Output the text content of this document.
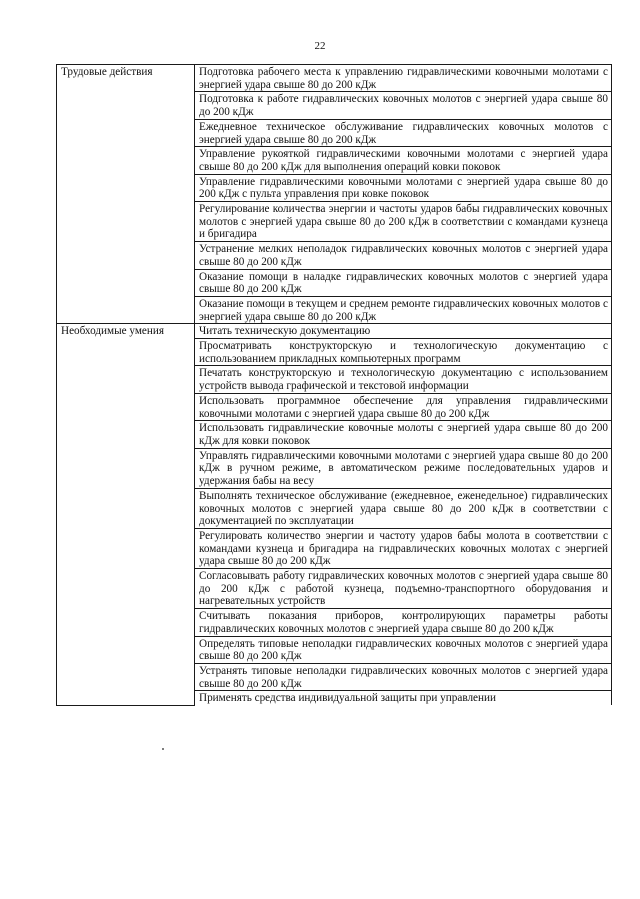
22
Трудовые действия	Подготовка рабочего места к управлению гидравлическими ковочными молотами с энергией удара свыше 80 до 200 кДж
	Подготовка к работе гидравлических ковочных молотов с энергией удара свыше 80 до 200 кДж
	Ежедневное техническое обслуживание гидравлических ковочных молотов с энергией удара свыше 80 до 200 кДж
	Управление рукояткой гидравлическими ковочными молотами с энергией удара свыше 80 до 200 кДж для выполнения операций ковки поковок
	Управление гидравлическими ковочными молотами с энергией удара свыше 80 до 200 кДж с пульта управления при ковке поковок
	Регулирование количества энергии и частоты ударов бабы гидравлических ковочных молотов с энергией удара свыше 80 до 200 кДж в соответствии с командами кузнеца и бригадира
	Устранение мелких неполадок гидравлических ковочных молотов с энергией удара свыше 80 до 200 кДж
	Оказание помощи в наладке гидравлических ковочных молотов с энергией удара свыше 80 до 200 кДж
	Оказание помощи в текущем и среднем ремонте гидравлических ковочных молотов с энергией удара свыше 80 до 200 кДж
Необходимые умения	Читать техническую документацию
	Просматривать конструкторскую и технологическую документацию с использованием прикладных компьютерных программ
	Печатать конструкторскую и технологическую документацию с использованием устройств вывода графической и текстовой информации
	Использовать программное обеспечение для управления гидравлическими ковочными молотами с энергией удара свыше 80 до 200 кДж
	Использовать гидравлические ковочные молоты с энергией удара свыше 80 до 200 кДж для ковки поковок
	Управлять гидравлическими ковочными молотами с энергией удара свыше 80 до 200 кДж в ручном режиме, в автоматическом режиме последовательных ударов и удержания бабы на весу
	Выполнять техническое обслуживание (ежедневное, еженедельное) гидравлических ковочных молотов с энергией удара свыше 80 до 200 кДж в соответствии с документацией по эксплуатации
	Регулировать количество энергии и частоту ударов бабы молота в соответствии с командами кузнеца и бригадира на гидравлических ковочных молотах с энергией удара свыше 80 до 200 кДж
	Согласовывать работу гидравлических ковочных молотов с энергией удара свыше 80 до 200 кДж с работой кузнеца, подъемно-транспортного оборудования и нагревательных устройств
	Считывать показания приборов, контролирующих параметры работы гидравлических ковочных молотов с энергией удара свыше 80 до 200 кДж
	Определять типовые неполадки гидравлических ковочных молотов с энергией удара свыше 80 до 200 кДж
	Устранять типовые неполадки гидравлических ковочных молотов с энергией удара свыше 80 до 200 кДж
	Применять средства индивидуальной защиты при управлении
